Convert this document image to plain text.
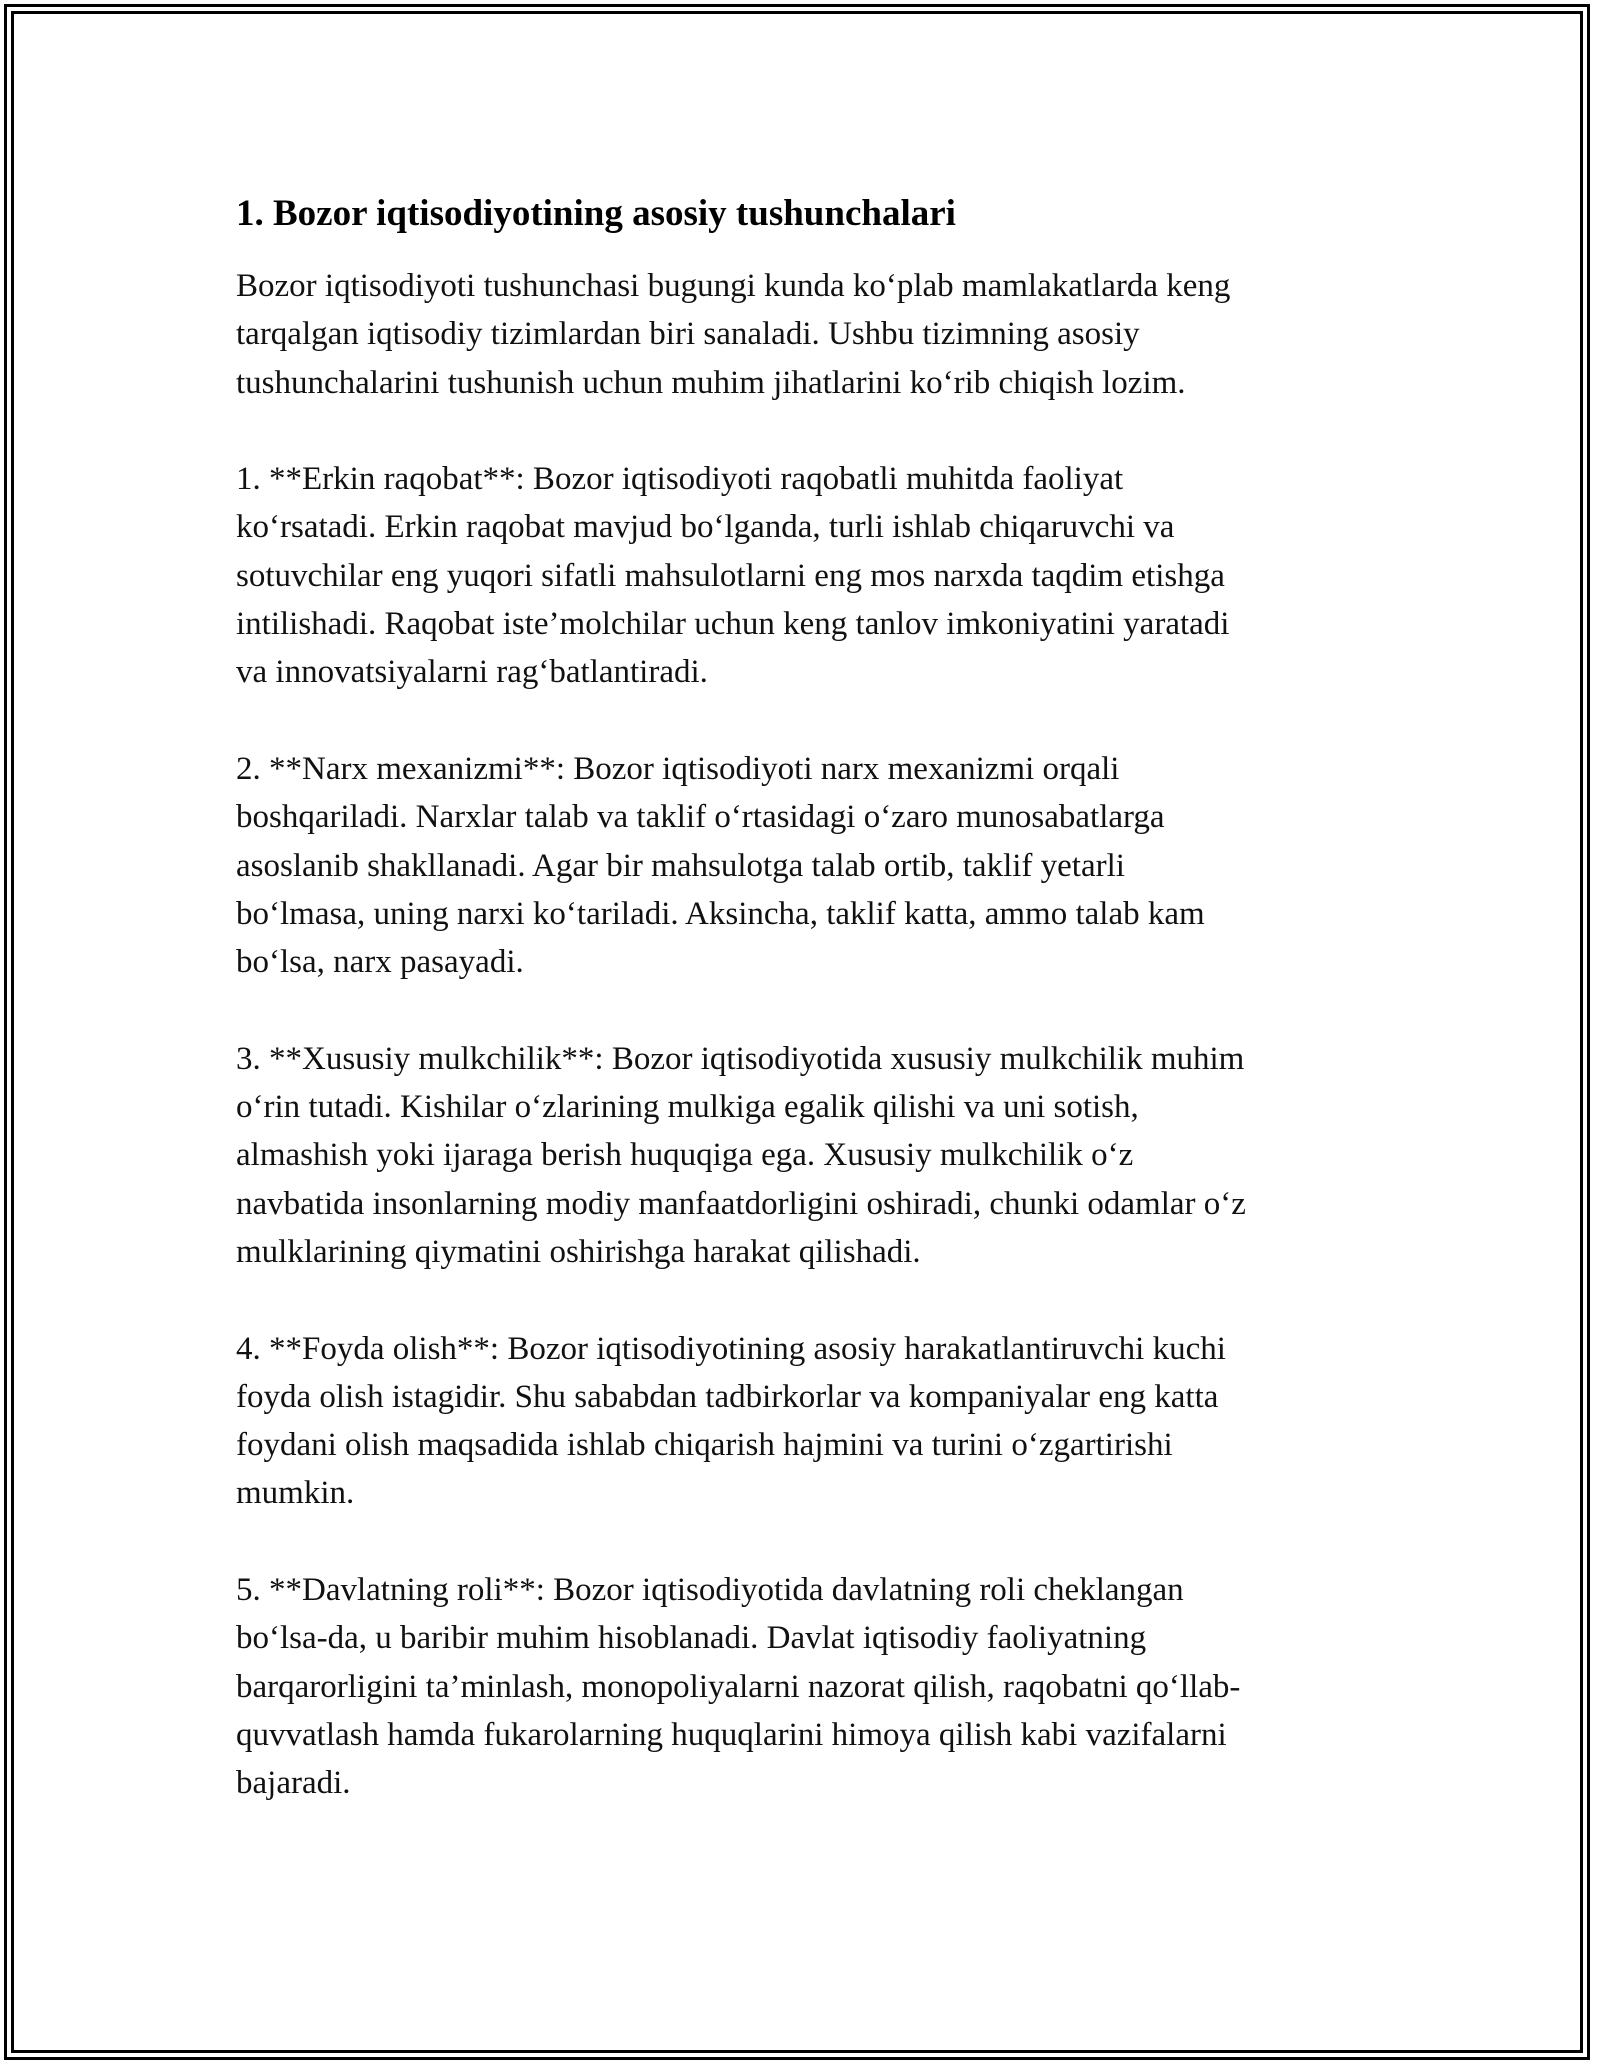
1. Bozor iqtisodiyotining asosiy tushunchalari
Bozor iqtisodiyoti tushunchasi bugungi kunda ko‘plab mamlakatlarda keng
tarqalgan iqtisodiy tizimlardan biri sanaladi. Ushbu tizimning asosiy
tushunchalarini tushunish uchun muhim jihatlarini ko‘rib chiqish lozim.
1. **Erkin raqobat**: Bozor iqtisodiyoti raqobatli muhitda faoliyat
ko‘rsatadi. Erkin raqobat mavjud bo‘lganda, turli ishlab chiqaruvchi va
sotuvchilar eng yuqori sifatli mahsulotlarni eng mos narxda taqdim etishga
intilishadi. Raqobat iste’molchilar uchun keng tanlov imkoniyatini yaratadi
va innovatsiyalarni rag‘batlantiradi.
2. **Narx mexanizmi**: Bozor iqtisodiyoti narx mexanizmi orqali
boshqariladi. Narxlar talab va taklif o‘rtasidagi o‘zaro munosabatlarga
asoslanib shakllanadi. Agar bir mahsulotga talab ortib, taklif yetarli
bo‘lmasa, uning narxi ko‘tariladi. Aksincha, taklif katta, ammo talab kam
bo‘lsa, narx pasayadi.
3. **Xususiy mulkchilik**: Bozor iqtisodiyotida xususiy mulkchilik muhim
o‘rin tutadi. Kishilar o‘zlarining mulkiga egalik qilishi va uni sotish,
almashish yoki ijaraga berish huquqiga ega. Xususiy mulkchilik o‘z
navbatida insonlarning modiy manfaatdorligini oshiradi, chunki odamlar o‘z
mulklarining qiymatini oshirishga harakat qilishadi.
4. **Foyda olish**: Bozor iqtisodiyotining asosiy harakatlantiruvchi kuchi
foyda olish istagidir. Shu sababdan tadbirkorlar va kompaniyalar eng katta
foydani olish maqsadida ishlab chiqarish hajmini va turini o‘zgartirishi
mumkin.
5. **Davlatning roli**: Bozor iqtisodiyotida davlatning roli cheklangan
bo‘lsa-da, u baribir muhim hisoblanadi. Davlat iqtisodiy faoliyatning
barqarorligini ta’minlash, monopoliyalarni nazorat qilish, raqobatni qo‘llab-
quvvatlash hamda fukarolarning huquqlarini himoya qilish kabi vazifalarni
bajaradi.
